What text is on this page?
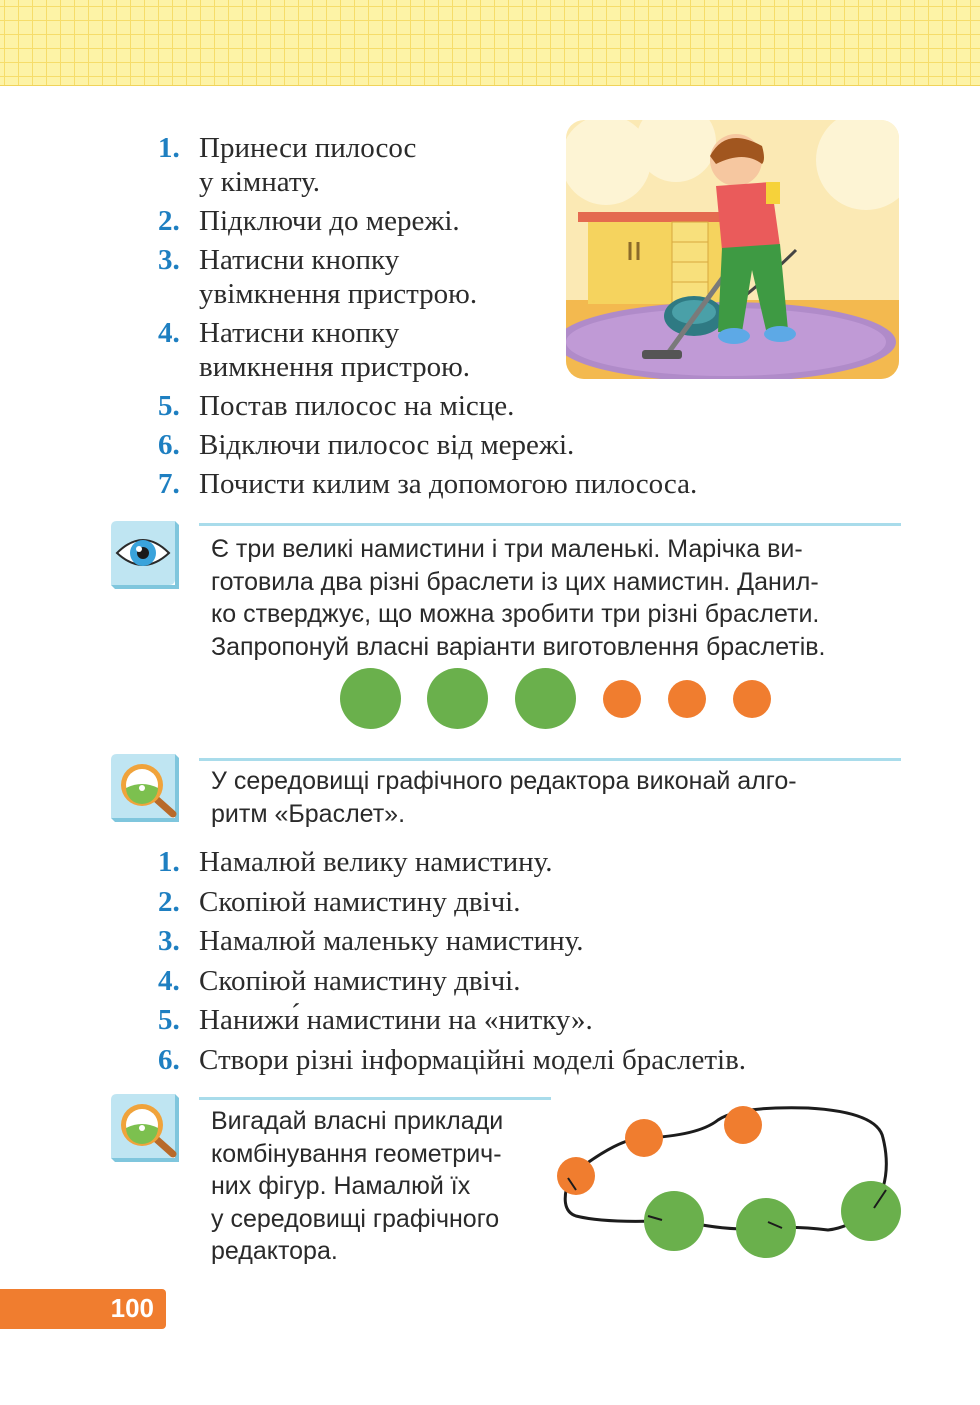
1. Принеси пилосос
у кімнату.
2. Підключи до мережі.
3. Натисни кнопку
увімкнення пристрою.
4. Натисни кнопку
вимкнення пристрою.
5. Постав пилосос на місце.
6. Відключи пилосос від мережі.
7. Почисти килим за допомогою пилососа.
Є три великі намистини і три маленькі. Марічка ви-
готовила два різні браслети із цих намистин. Данил-
ко стверджує, що можна зробити три різні браслети.
Запропонуй власні варіанти виготовлення браслетів.
У середовищі графічного редактора виконай алго-
ритм «Браслет».
1. Намалюй велику намистину.
2. Скопіюй намистину двічі.
3. Намалюй маленьку намистину.
4. Скопіюй намистину двічі.
5. Нанижи́ намистини на «нитку».
6. Створи різні інформаційні моделі браслетів.
Вигадай власні приклади
комбінування геометрич-
них фігур. Намалюй їх
у середовищі графічного
редактора.
100
